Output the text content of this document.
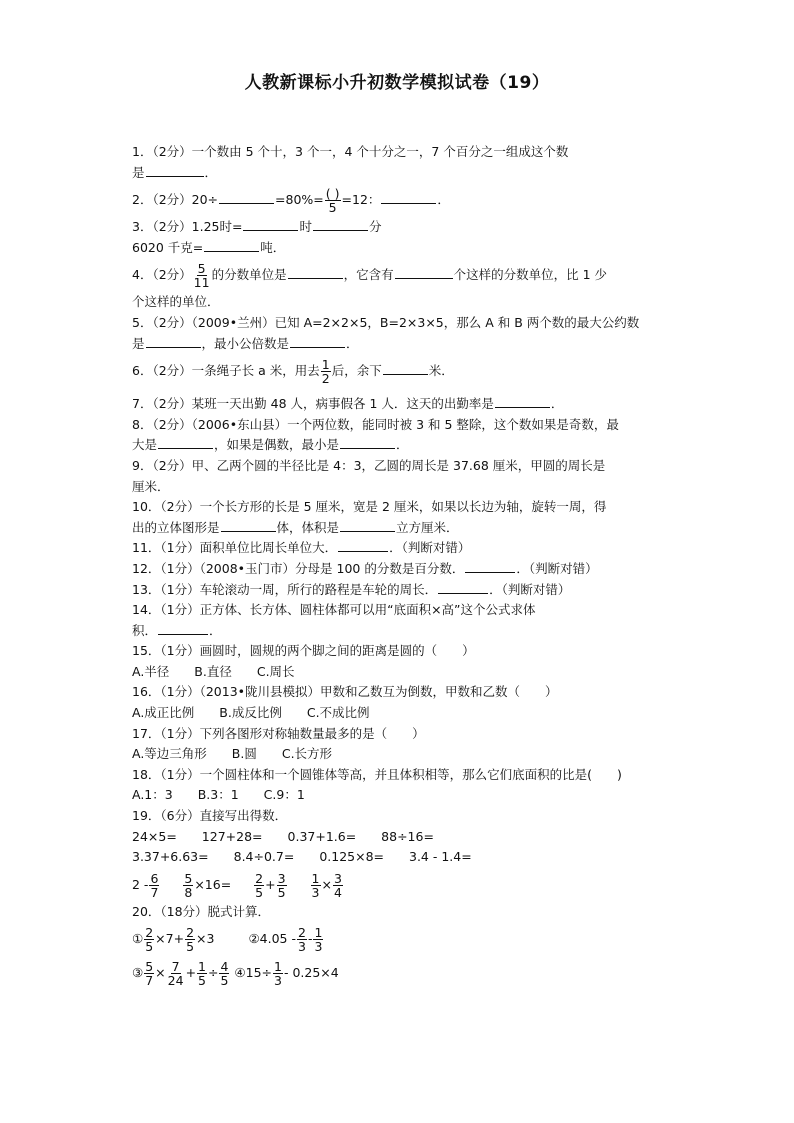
人教新课标小升初数学模拟试卷（19）
1．（2分）一个数由 5 个十，3 个一，4 个十分之一，7 个百分之一组成这个数
是	．
2．（2分）20÷	$=80\%= \frac{( )}{5} =12$：	．
3．（2分）1.25时=	时	分
6020 千克=	吨．
4．（2分） $\frac{5}{11}$ 的分数单位是	，它含有	个这样的分数单位，比 1 少
个这样的单位．
5．（2分）（2009•兰州）已知 A=2×2×5，B=2×3×5，那么 A 和 B 两个数的最大公约数
是	，最小公倍数是	．
6．（2分）一条绳子长 a 米，用去 $\frac{1}{2}$ 后，余下	米．
7．（2分）某班一天出勤 48 人，病事假各 1 人．这天的出勤率是	．
8．（2分）（2006•东山县）一个两位数，能同时被 3 和 5 整除，这个数如果是奇数，最
大是	，如果是偶数，最小是	．
9．（2分）甲、乙两个圆的半径比是 4：3，乙圆的周长是 37.68 厘米，甲圆的周长是
厘米．
10．（2分）一个长方形的长是 5 厘米，宽是 2 厘米，如果以长边为轴，旋转一周，得
出的立体图形是	体，体积是	立方厘米．
11．（1分）面积单位比周长单位大．	．（判断对错）
12．（1分）（2008•玉门市）分母是 100 的分数是百分数．	．（判断对错）
13．（1分）车轮滚动一周，所行的路程是车轮的周长．	．（判断对错）
14．（1分）正方体、长方体、圆柱体都可以用“底面积×高”这个公式求体
积．	．
15．（1分）画圆时，圆规的两个脚之间的距离是圆的（　　）
A.半径　　B.直径　　C.周长
16．（1分）（2013•陇川县模拟）甲数和乙数互为倒数，甲数和乙数（　　）
A.成正比例　　B.成反比例　　C.不成比例
17．（1分）下列各图形对称轴数量最多的是（　　）
A.等边三角形　　B.圆　　C.长方形
18．（1分）一个圆柱体和一个圆锥体等高，并且体积相等，那么它们底面积的比是(　　)
A.1：3　　B.3：1　　C.9：1
19．（6分）直接写出得数．
24×5=　　127+28=　　0.37+1.6=　　88÷16=
3.37+6.63=　　8.4÷0.7=　　0.125×8=　　3.4 - 1.4=
$2 - \frac{6}{7}$
$\frac{5}{8} \times 16= \frac{2}{5} + \frac{3}{5}$
$\frac{1}{3} \times \frac{3}{4}$
20．（18分）脱式计算．
① $\frac{2}{5} \times 7+ \frac{2}{5} \times 3$	②4.05 - $\frac{2}{3} - \frac{1}{3}$
③ $\frac{5}{7} \times \frac{7}{24} + \frac{1}{5} \div \frac{4}{5}$ ④15÷ $\frac{1}{3} - 0.25\times 4$
